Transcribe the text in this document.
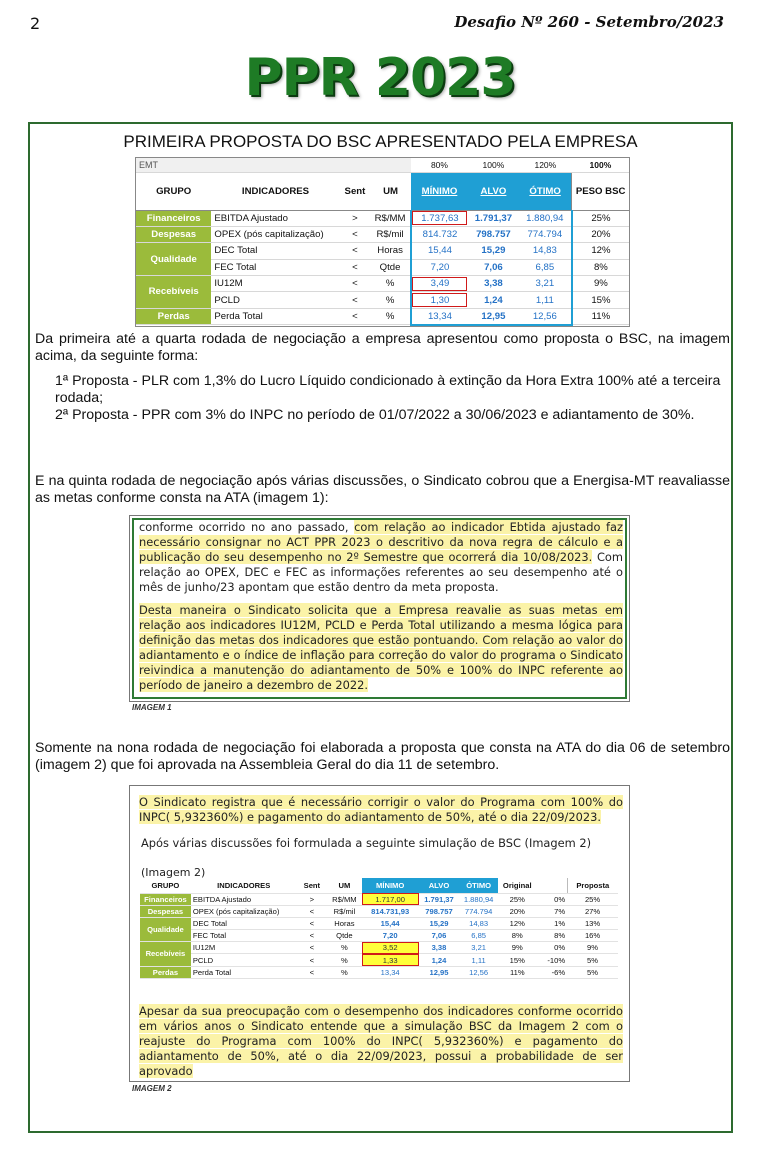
2	Desafio Nº 260 - Setembro/2023
PPR 2023
PRIMEIRA PROPOSTA DO BSC APRESENTADO PELA EMPRESA
EMT				80%	100%	120%	100%
GRUPO	INDICADORES	Sent	UM	MÍNIMO	ALVO	ÓTIMO	PESO BSC
Financeiros	EBITDA Ajustado	>	R$/MM	1.737,63	1.791,37	1.880,94	25%
Despesas	OPEX (pós capitalização)	<	R$/mil	814.732	798.757	774.794	20%
Qualidade	DEC Total	<	Horas	15,44	15,29	14,83	12%
	FEC Total	<	Qtde	7,20	7,06	6,85	8%
Recebíveis	IU12M	<	%	3,49	3,38	3,21	9%
	PCLD	<	%	1,30	1,24	1,11	15%
Perdas	Perda Total	<	%	13,34	12,95	12,56	11%
Da primeira até a quarta rodada de negociação a empresa apresentou como proposta o BSC, na imagem acima, da seguinte forma:
1ª Proposta - PLR com 1,3% do Lucro Líquido condicionado à extinção da Hora Extra 100% até a terceira rodada;
2ª Proposta - PPR com 3% do INPC no período de 01/07/2022 a 30/06/2023 e adiantamento de 30%.
E na quinta rodada de negociação após várias discussões, o Sindicato cobrou que a Energisa-MT reavaliasse as metas conforme consta na ATA (imagem 1):
conforme ocorrido no ano passado, com relação ao indicador Ebtida ajustado faz necessário consignar no ACT PPR 2023 o descritivo da nova regra de cálculo e a publicação do seu desempenho no 2º Semestre que ocorrerá dia 10/08/2023. Com relação ao OPEX, DEC e FEC as informações referentes ao seu desempenho até o mês de junho/23 apontam que estão dentro da meta proposta.
Desta maneira o Sindicato solicita que a Empresa reavalie as suas metas em relação aos indicadores IU12M, PCLD e Perda Total utilizando a mesma lógica para definição das metas dos indicadores que estão pontuando. Com relação ao valor do adiantamento e o índice de inflação para correção do valor do programa o Sindicato reivindica a manutenção do adiantamento de 50% e 100% do INPC referente ao período de janeiro a dezembro de 2022.
IMAGEM 1
Somente na nona rodada de negociação foi elaborada a proposta que consta na ATA do dia 06 de setembro (imagem 2) que foi aprovada na Assembleia Geral do dia 11 de setembro.
O Sindicato registra que é necessário corrigir o valor do Programa com 100% do INPC( 5,932360%) e pagamento do adiantamento de 50%, até o dia 22/09/2023.
Após várias discussões foi formulada a seguinte simulação de BSC (Imagem 2)
(Imagem 2)
GRUPO	INDICADORES	Sent	UM	MÍNIMO	ALVO	ÓTIMO	Original		Proposta
Financeiros	EBITDA Ajustado	>	R$/MM	1.717,00	1.791,37	1.880,94	25%	0%	25%
Despesas	OPEX (pós capitalização)	<	R$/mil	814.731,93	798.757	774.794	20%	7%	27%
Qualidade	DEC Total	<	Horas	15,44	15,29	14,83	12%	1%	13%
	FEC Total	<	Qtde	7,20	7,06	6,85	8%	8%	16%
Recebíveis	IU12M	<	%	3,52	3,38	3,21	9%	0%	9%
	PCLD	<	%	1,33	1,24	1,11	15%	-10%	5%
Perdas	Perda Total	<	%	13,34	12,95	12,56	11%	-6%	5%
Apesar da sua preocupação com o desempenho dos indicadores conforme ocorrido em vários anos o Sindicato entende que a simulação BSC da Imagem 2 com o reajuste do Programa com 100% do INPC( 5,932360%) e pagamento do adiantamento de 50%, até o dia 22/09/2023, possui a probabilidade de ser aprovado
IMAGEM 2
